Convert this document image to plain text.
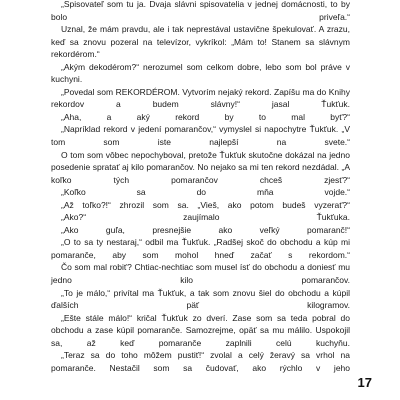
„Spisovateľ som tu ja. Dvaja slávni spisovatelia v jednej domácnosti, to by bolo priveľa.“

Uznal, že mám pravdu, ale i tak neprestával ustavične špekulovať. A zrazu, keď sa znovu pozeral na televízor, vykríkol: „Mám to! Stanem sa slávnym rekordérom.“

„Akým dekodérom?“ nerozumel som celkom dobre, lebo som bol práve v kuchyni.

„Povedal som REKORDÉROM. Vytvorím nejaký rekord. Zapíšu ma do Knihy rekordov a budem slávny!“ jasal Ťukťuk.

„Aha, a aký rekord by to mal byť?“

„Napríklad rekord v jedení pomarančov,“ vymyslel si napochytre Ťukťuk. „V tom som iste najlepší na svete.“

O tom som vôbec nepochyboval, pretože Ťukťuk skutočne dokázal na jedno posedenie spratať aj kilo pomarančov. No nejako sa mi ten rekord nezdádal. „A koľko tých pomarančov chceš zjesť?“

„Koľko sa do mňa vojde.“

„Až toľko?!“ zhrozil som sa. „Vieš, ako potom budeš vyzerať?“

„Ako?“ zaujímalo Ťukťuka.

„Ako guľa, presnejšie ako veľký pomaranč!“

„O to sa ty nestaraj,“ odbil ma Ťukťuk. „Radšej skoč do obchodu a kúp mi pomaranče, aby som mohol hneď začať s rekordom.“

Čo som mal robiť? Chtiac-nechtiac som musel ísť do obchodu a doniesť mu jedno kilo pomarančov.

„To je málo,“ privítal ma Ťukťuk, a tak som znovu šiel do obchodu a kúpil ďalších päť kilogramov.

„Ešte stále málo!“ kričal Ťukťuk zo dverí. Zase som sa teda pobral do obchodu a zase kúpil pomaranče. Samozrejme, opäť sa mu málilo. Uspokojil sa, až keď pomaranče zaplnili celú kuchyňu.

„Teraz sa do toho môžem pustiť!“ zvolal a celý žeravý sa vrhol na pomaranče. Nestačil som sa čudovať, ako rýchlo v jeho

17
